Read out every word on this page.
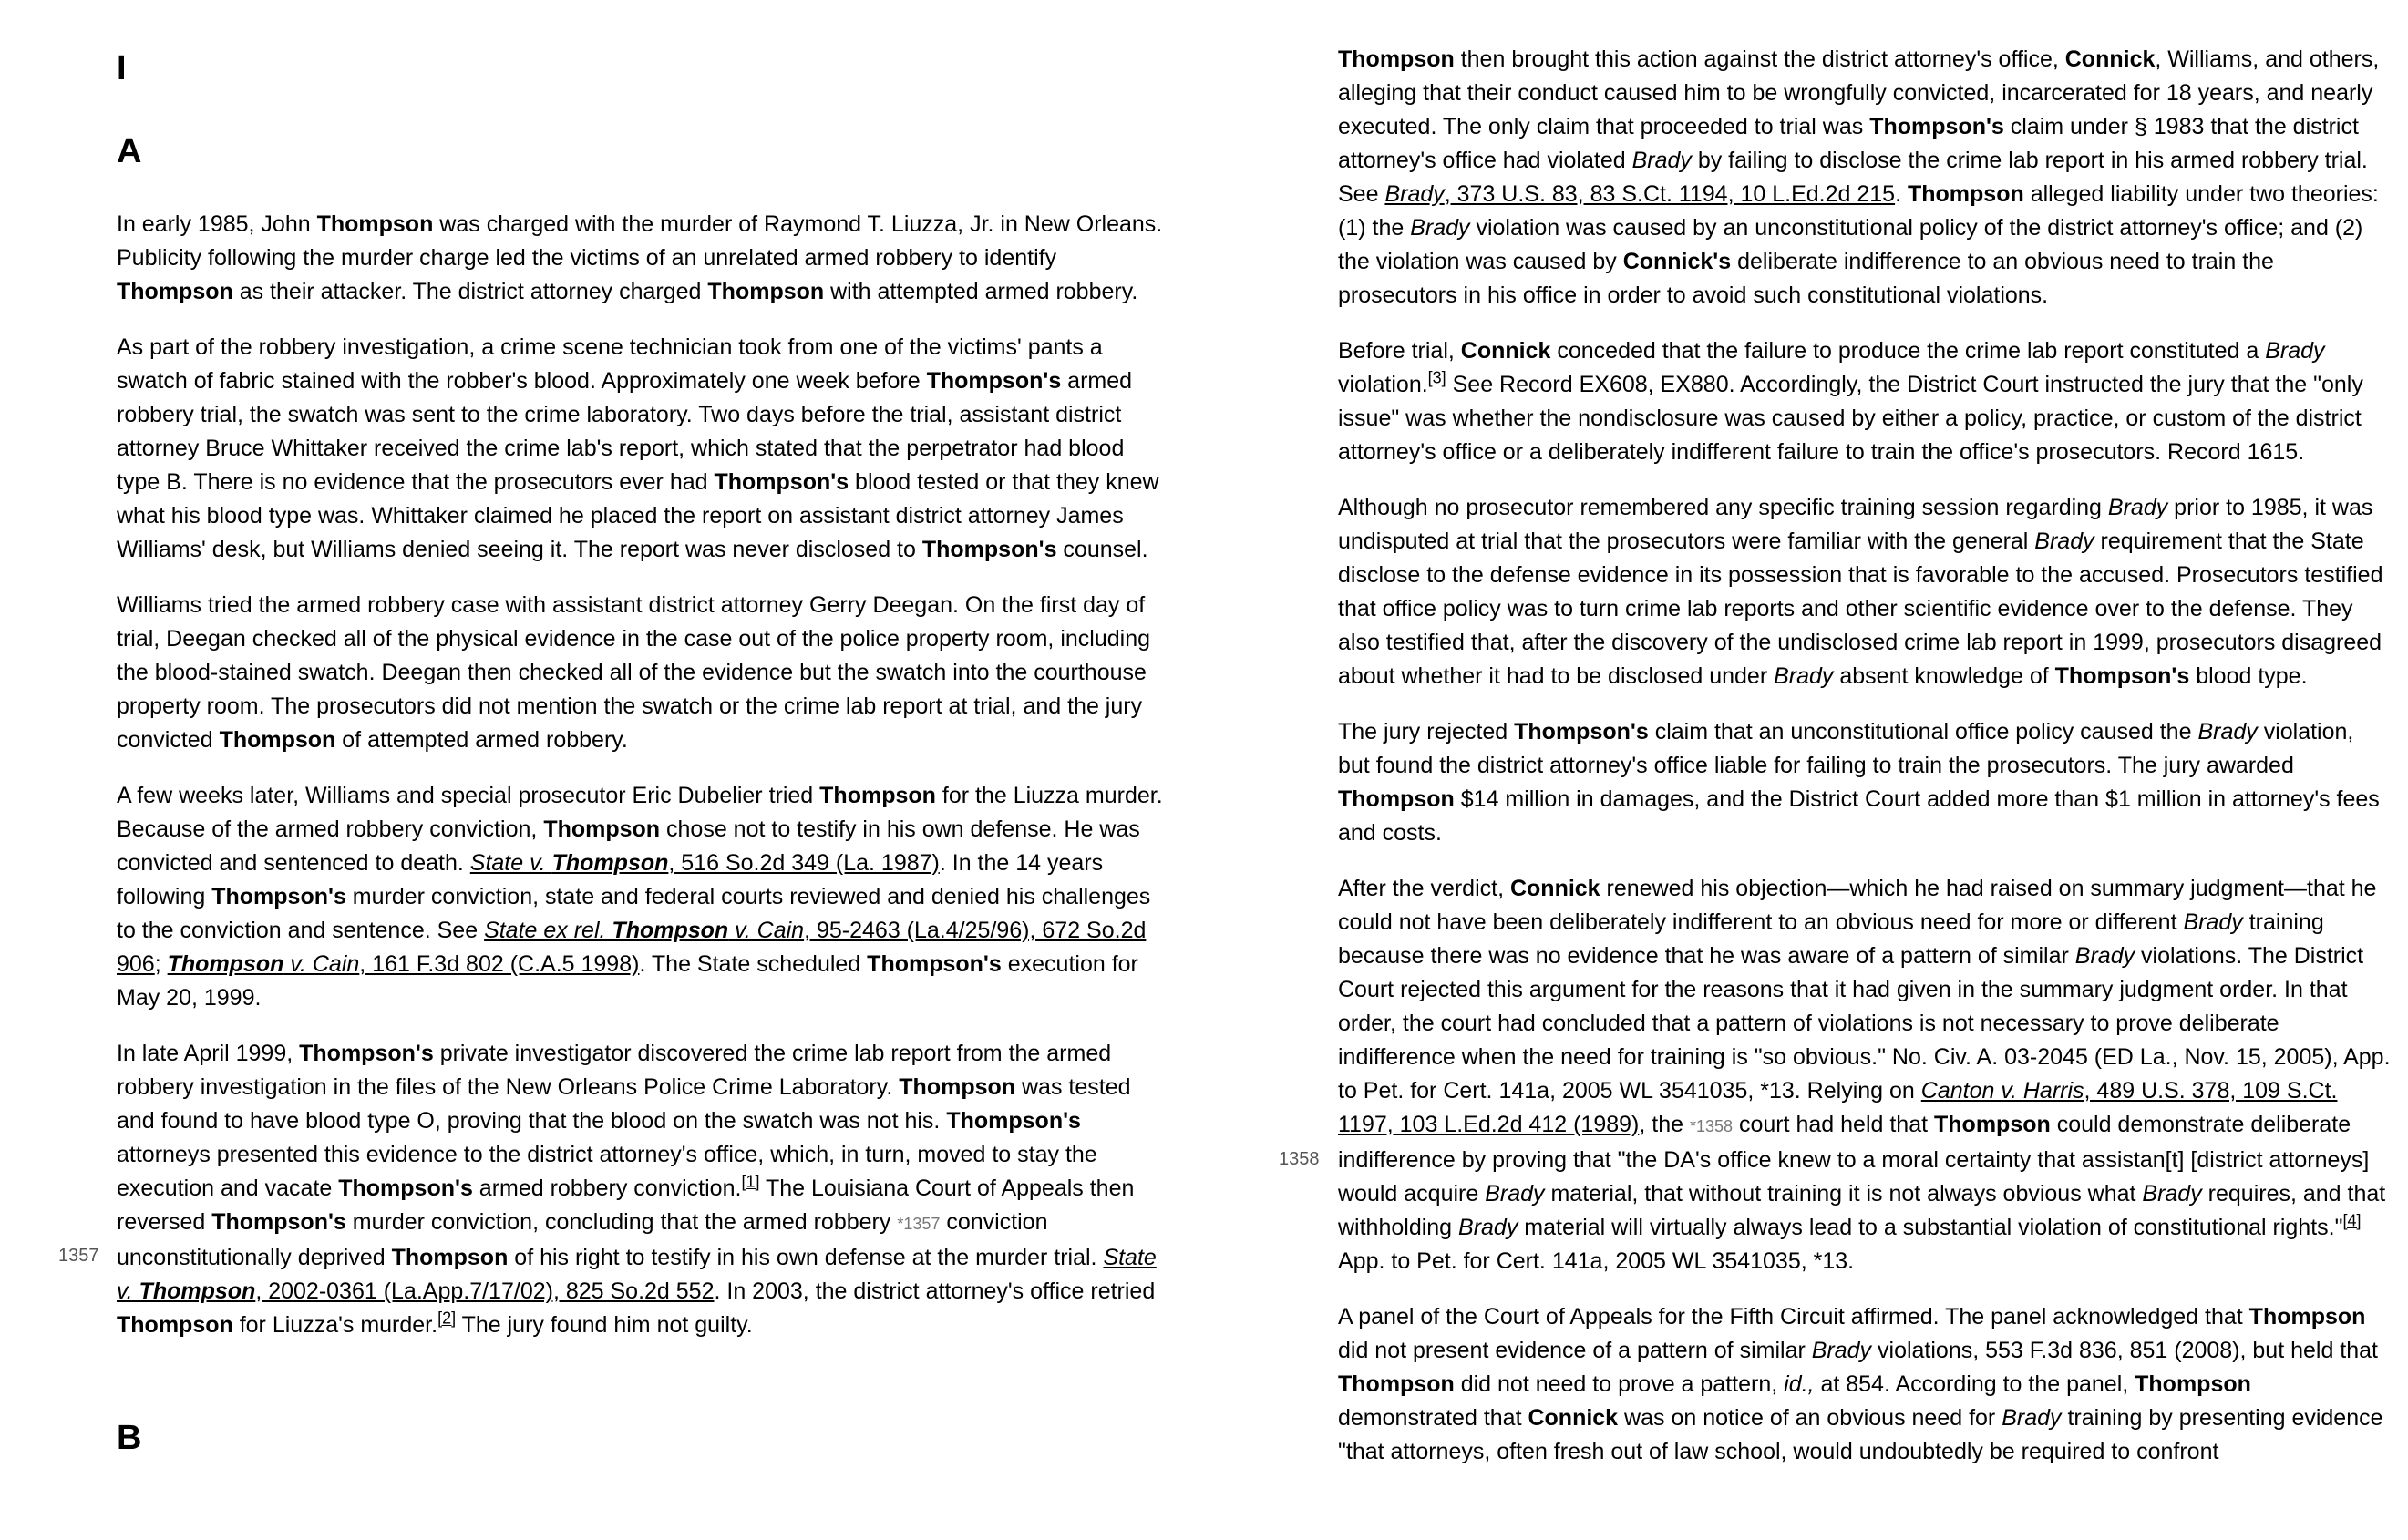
I
A

In early 1985, John Thompson was charged with the murder of Raymond T. Liuzza, Jr. in New Orleans. Publicity following the murder charge led the victims of an unrelated armed robbery to identify Thompson as their attacker. The district attorney charged Thompson with attempted armed robbery.

As part of the robbery investigation, a crime scene technician took from one of the victims' pants a swatch of fabric stained with the robber's blood. Approximately one week before Thompson's armed robbery trial, the swatch was sent to the crime laboratory. Two days before the trial, assistant district attorney Bruce Whittaker received the crime lab's report, which stated that the perpetrator had blood type B. There is no evidence that the prosecutors ever had Thompson's blood tested or that they knew what his blood type was. Whittaker claimed he placed the report on assistant district attorney James Williams' desk, but Williams denied seeing it. The report was never disclosed to Thompson's counsel.

Williams tried the armed robbery case with assistant district attorney Gerry Deegan. On the first day of trial, Deegan checked all of the physical evidence in the case out of the police property room, including the blood-stained swatch. Deegan then checked all of the evidence but the swatch into the courthouse property room. The prosecutors did not mention the swatch or the crime lab report at trial, and the jury convicted Thompson of attempted armed robbery.

A few weeks later, Williams and special prosecutor Eric Dubelier tried Thompson for the Liuzza murder. Because of the armed robbery conviction, Thompson chose not to testify in his own defense. He was convicted and sentenced to death. State v. Thompson, 516 So.2d 349 (La. 1987). In the 14 years following Thompson's murder conviction, state and federal courts reviewed and denied his challenges to the conviction and sentence. See State ex rel. Thompson v. Cain, 95-2463 (La.4/25/96), 672 So.2d 906; Thompson v. Cain, 161 F.3d 802 (C.A.5 1998). The State scheduled Thompson's execution for May 20, 1999.

In late April 1999, Thompson's private investigator discovered the crime lab report from the armed robbery investigation in the files of the New Orleans Police Crime Laboratory. Thompson was tested and found to have blood type O, proving that the blood on the swatch was not his. Thompson's attorneys presented this evidence to the district attorney's office, which, in turn, moved to stay the execution and vacate Thompson's armed robbery conviction.[1] The Louisiana Court of Appeals then reversed Thompson's murder conviction, concluding that the armed robbery *1357 conviction unconstitutionally deprived Thompson of his right to testify in his own defense at the murder trial. State v. Thompson, 2002-0361 (La.App.7/17/02), 825 So.2d 552. In 2003, the district attorney's office retried Thompson for Liuzza's murder.[2] The jury found him not guilty.

B

Thompson then brought this action against the district attorney's office, Connick, Williams, and others, alleging that their conduct caused him to be wrongfully convicted, incarcerated for 18 years, and nearly executed. The only claim that proceeded to trial was Thompson's claim under § 1983 that the district attorney's office had violated Brady by failing to disclose the crime lab report in his armed robbery trial. See Brady, 373 U.S. 83, 83 S.Ct. 1194, 10 L.Ed.2d 215. Thompson alleged liability under two theories: (1) the Brady violation was caused by an unconstitutional policy of the district attorney's office; and (2) the violation was caused by Connick's deliberate indifference to an obvious need to train the prosecutors in his office in order to avoid such constitutional violations.

Before trial, Connick conceded that the failure to produce the crime lab report constituted a Brady violation.[3] See Record EX608, EX880. Accordingly, the District Court instructed the jury that the "only issue" was whether the nondisclosure was caused by either a policy, practice, or custom of the district attorney's office or a deliberately indifferent failure to train the office's prosecutors. Record 1615.

Although no prosecutor remembered any specific training session regarding Brady prior to 1985, it was undisputed at trial that the prosecutors were familiar with the general Brady requirement that the State disclose to the defense evidence in its possession that is favorable to the accused. Prosecutors testified that office policy was to turn crime lab reports and other scientific evidence over to the defense. They also testified that, after the discovery of the undisclosed crime lab report in 1999, prosecutors disagreed about whether it had to be disclosed under Brady absent knowledge of Thompson's blood type.

The jury rejected Thompson's claim that an unconstitutional office policy caused the Brady violation, but found the district attorney's office liable for failing to train the prosecutors. The jury awarded Thompson $14 million in damages, and the District Court added more than $1 million in attorney's fees and costs.

After the verdict, Connick renewed his objection—which he had raised on summary judgment—that he could not have been deliberately indifferent to an obvious need for more or different Brady training because there was no evidence that he was aware of a pattern of similar Brady violations. The District Court rejected this argument for the reasons that it had given in the summary judgment order. In that order, the court had concluded that a pattern of violations is not necessary to prove deliberate indifference when the need for training is "so obvious." No. Civ. A. 03-2045 (ED La., Nov. 15, 2005), App. to Pet. for Cert. 141a, 2005 WL 3541035, *13. Relying on Canton v. Harris, 489 U.S. 378, 109 S.Ct. 1197, 103 L.Ed.2d 412 (1989), the *1358 court had held that Thompson could demonstrate deliberate indifference by proving that "the DA's office knew to a moral certainty that assistan[t] [district attorneys] would acquire Brady material, that without training it is not always obvious what Brady requires, and that withholding Brady material will virtually always lead to a substantial violation of constitutional rights."[4] App. to Pet. for Cert. 141a, 2005 WL 3541035, *13.

A panel of the Court of Appeals for the Fifth Circuit affirmed. The panel acknowledged that Thompson did not present evidence of a pattern of similar Brady violations, 553 F.3d 836, 851 (2008), but held that Thompson did not need to prove a pattern, id., at 854. According to the panel, Thompson demonstrated that Connick was on notice of an obvious need for Brady training by presenting evidence "that attorneys, often fresh out of law school, would undoubtedly be required to confront

1357
1358
